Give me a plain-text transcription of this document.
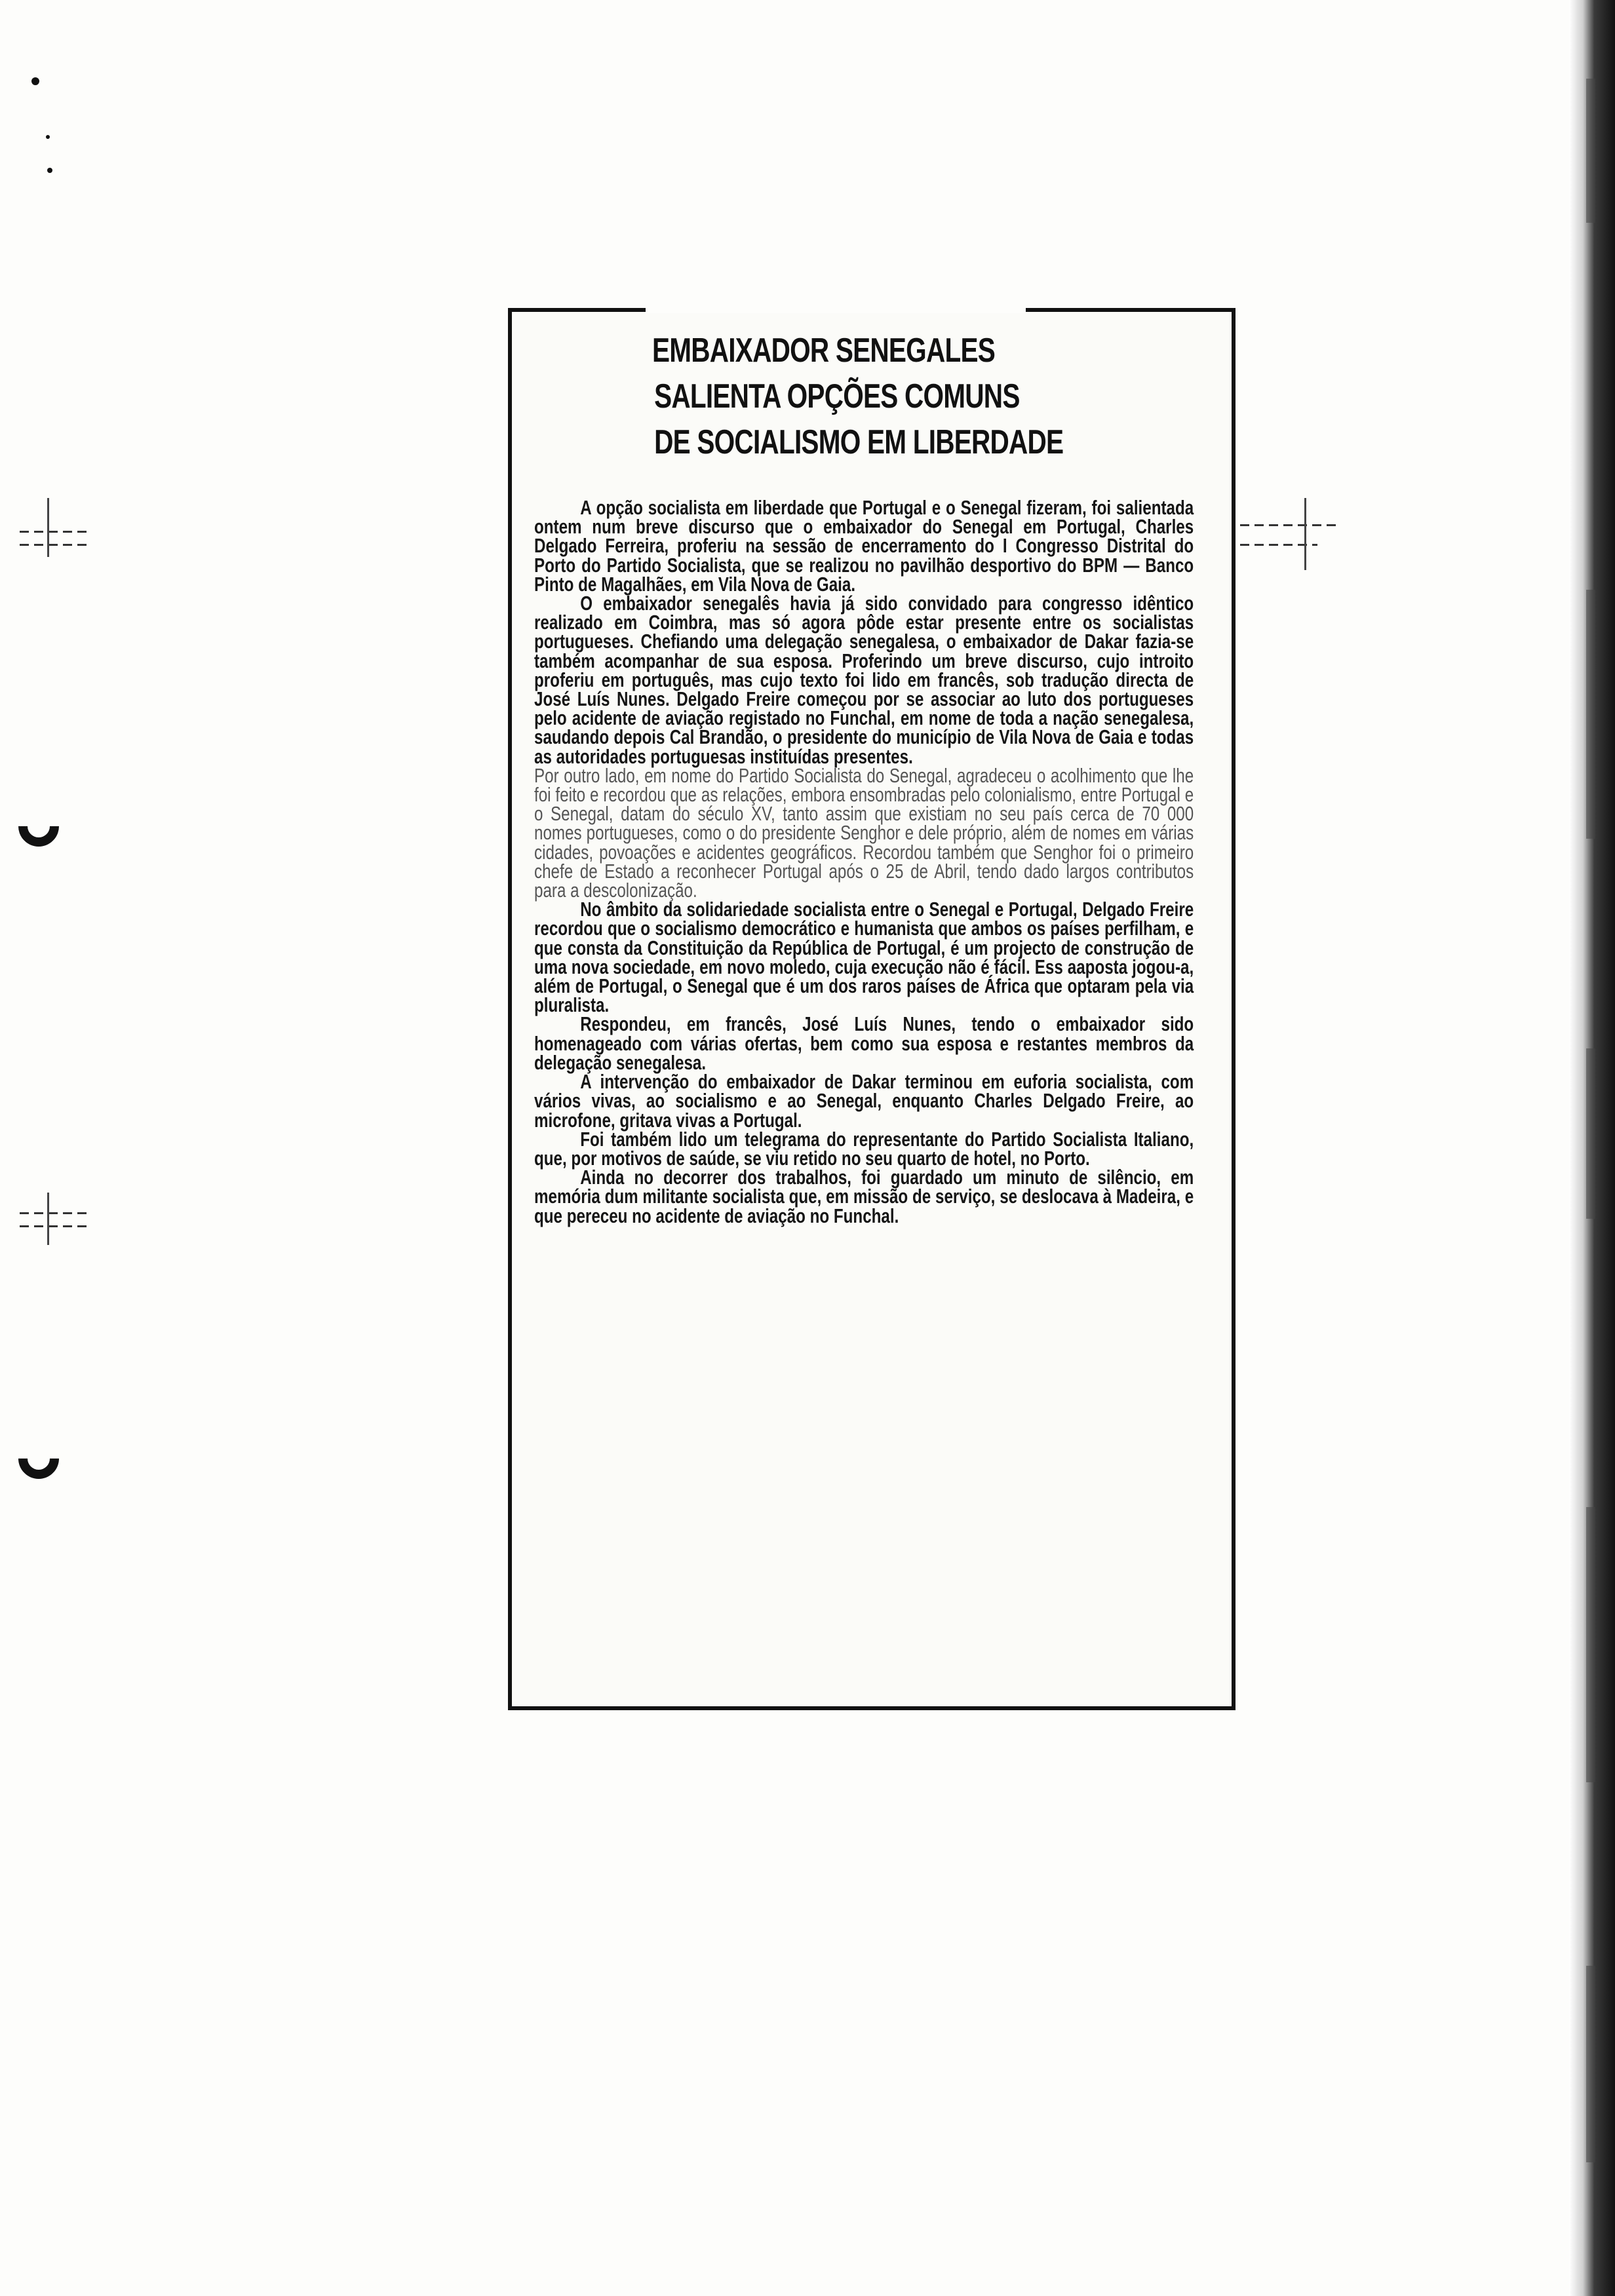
EMBAIXADOR SENEGALES
SALIENTA OPÇÕES COMUNS
DE SOCIALISMO EM LIBERDADE

A opção socialista em liberdade que Portugal e o Senegal fizeram, foi salientada ontem num breve discurso que o embaixador do Senegal em Portugal, Charles Delgado Ferreira, proferiu na sessão de encerramento do I Congresso Distrital do Porto do Partido Socialista, que se realizou no pavilhão desportivo do BPM — Banco Pinto de Magalhães, em Vila Nova de Gaia.

O embaixador senegalês havia já sido convidado para congresso idêntico realizado em Coimbra, mas só agora pôde estar presente entre os socialistas portugueses. Chefiando uma delegação senegalesa, o embaixador de Dakar fazia-se também acompanhar de sua esposa. Proferindo um breve discurso, cujo introito proferiu em português, mas cujo texto foi lido em francês, sob tradução directa de José Luís Nunes. Delgado Freire começou por se associar ao luto dos portugueses pelo acidente de aviação registado no Funchal, em nome de toda a nação senegalesa, saudando depois Cal Brandão, o presidente do município de Vila Nova de Gaia e todas as autoridades portuguesas instituídas presentes.

Por outro lado, em nome do Partido Socialista do Senegal, agradeceu o acolhimento que lhe foi feito e recordou que as relações, embora ensombradas pelo colonialismo, entre Portugal e o Senegal, datam do século XV, tanto assim que existiam no seu país cerca de 70 000 nomes portugueses, como o do presidente Senghor e dele próprio, além de nomes em várias cidades, povoações e acidentes geográficos. Recordou também que Senghor foi o primeiro chefe de Estado a reconhecer Portugal após o 25 de Abril, tendo dado largos contributos para a descolonização.

No âmbito da solidariedade socialista entre o Senegal e Portugal, Delgado Freire recordou que o socialismo democrático e humanista que ambos os países perfilham, e que consta da Constituição da República de Portugal, é um projecto de construção de uma nova sociedade, em novo moledo, cuja execução não é fácil. Ess aaposta jogou-a, além de Portugal, o Senegal que é um dos raros países de África que optaram pela via pluralista.

Respondeu, em francês, José Luís Nunes, tendo o embaixador sido homenageado com várias ofertas, bem como sua esposa e restantes membros da delegação senegalesa.

A intervenção do embaixador de Dakar terminou em euforia socialista, com vários vivas, ao socialismo e ao Senegal, enquanto Charles Delgado Freire, ao microfone, gritava vivas a Portugal.

Foi também lido um telegrama do representante do Partido Socialista Italiano, que, por motivos de saúde, se viu retido no seu quarto de hotel, no Porto.

Ainda no decorrer dos trabalhos, foi guardado um minuto de silêncio, em memória dum militante socialista que, em missão de serviço, se deslocava à Madeira, e que pereceu no acidente de aviação no Funchal.
